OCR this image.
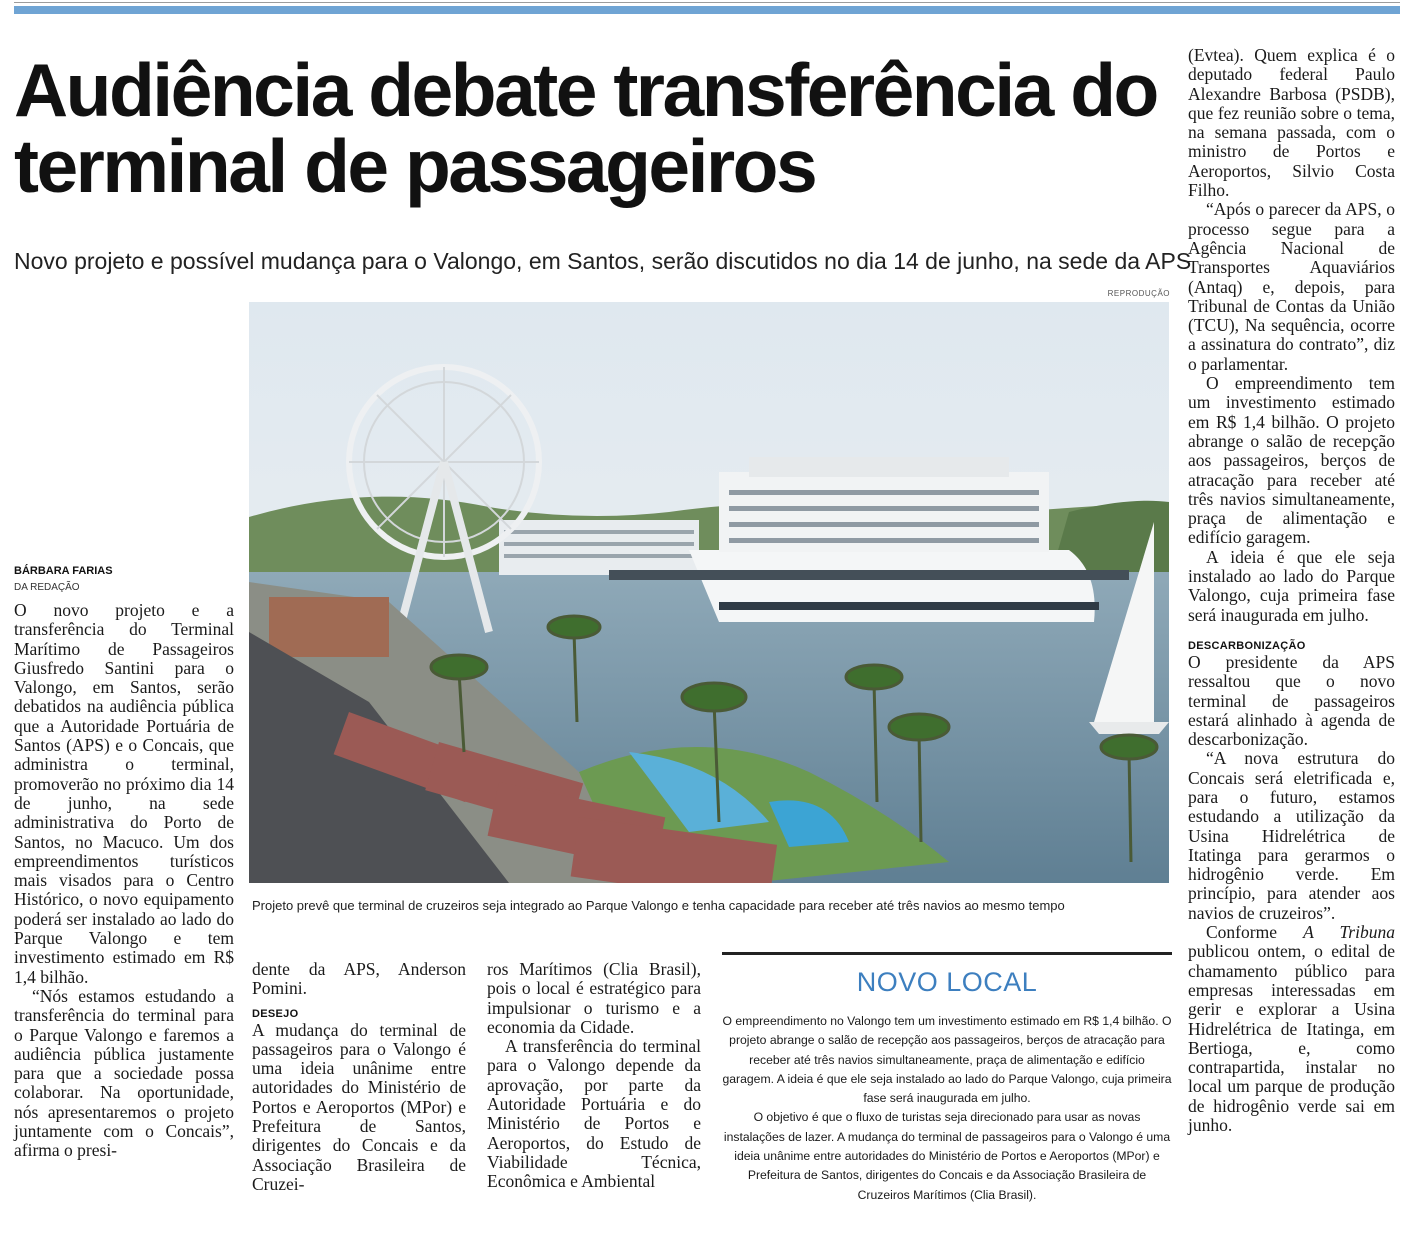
Audiência debate transferência do terminal de passageiros

Novo projeto e possível mudança para o Valongo, em Santos, serão discutidos no dia 14 de junho, na sede da APS

REPRODUÇÃO

Projeto prevê que terminal de cruzeiros seja integrado ao Parque Valongo e tenha capacidade para receber até três navios ao mesmo tempo

BÁRBARA FARIAS
DA REDAÇÃO

O novo projeto e a transferência do Terminal Marítimo de Passageiros Giusfredo Santini para o Valongo, em Santos, serão debatidos na audiência pública que a Autoridade Portuária de Santos (APS) e o Concais, que administra o terminal, promoverão no próximo dia 14 de junho, na sede administrativa do Porto de Santos, no Macuco. Um dos empreendimentos turísticos mais visados para o Centro Histórico, o novo equipamento poderá ser instalado ao lado do Parque Valongo e tem investimento estimado em R$ 1,4 bilhão.

“Nós estamos estudando a transferência do terminal para o Parque Valongo e faremos a audiência pública justamente para que a sociedade possa colaborar. Na oportunidade, nós apresentaremos o projeto juntamente com o Concais”, afirma o presi-

dente da APS, Anderson Pomini.

DESEJO

A mudança do terminal de passageiros para o Valongo é uma ideia unânime entre autoridades do Ministério de Portos e Aeroportos (MPor) e Prefeitura de Santos, dirigentes do Concais e da Associação Brasileira de Cruzei-

ros Marítimos (Clia Brasil), pois o local é estratégico para impulsionar o turismo e a economia da Cidade.

A transferência do terminal para o Valongo depende da aprovação, por parte da Autoridade Portuária e do Ministério de Portos e Aeroportos, do Estudo de Viabilidade Técnica, Econômica e Ambiental

(Evtea). Quem explica é o deputado federal Paulo Alexandre Barbosa (PSDB), que fez reunião sobre o tema, na semana passada, com o ministro de Portos e Aeroportos, Silvio Costa Filho.

“Após o parecer da APS, o processo segue para a Agência Nacional de Transportes Aquaviários (Antaq) e, depois, para Tribunal de Contas da União (TCU), Na sequência, ocorre a assinatura do contrato”, diz o parlamentar.

O empreendimento tem um investimento estimado em R$ 1,4 bilhão. O projeto abrange o salão de recepção aos passageiros, berços de atracação para receber até três navios simultaneamente, praça de alimentação e edifício garagem.

A ideia é que ele seja instalado ao lado do Parque Valongo, cuja primeira fase será inaugurada em julho.

DESCARBONIZAÇÃO

O presidente da APS ressaltou que o novo terminal de passageiros estará alinhado à agenda de descarbonização.

“A nova estrutura do Concais será eletrificada e, para o futuro, estamos estudando a utilização da Usina Hidrelétrica de Itatinga para gerarmos o hidrogênio verde. Em princípio, para atender aos navios de cruzeiros”.

Conforme A Tribuna publicou ontem, o edital de chamamento público para empresas interessadas em gerir e explorar a Usina Hidrelétrica de Itatinga, em Bertioga, e, como contrapartida, instalar no local um parque de produção de hidrogênio verde sai em junho.

NOVO LOCAL

O empreendimento no Valongo tem um investimento estimado em R$ 1,4 bilhão. O projeto abrange o salão de recepção aos passageiros, berços de atracação para receber até três navios simultaneamente, praça de alimentação e edifício garagem. A ideia é que ele seja instalado ao lado do Parque Valongo, cuja primeira fase será inaugurada em julho.

O objetivo é que o fluxo de turistas seja direcionado para usar as novas instalações de lazer. A mudança do terminal de passageiros para o Valongo é uma ideia unânime entre autoridades do Ministério de Portos e Aeroportos (MPor) e Prefeitura de Santos, dirigentes do Concais e da Associação Brasileira de Cruzeiros Marítimos (Clia Brasil).
